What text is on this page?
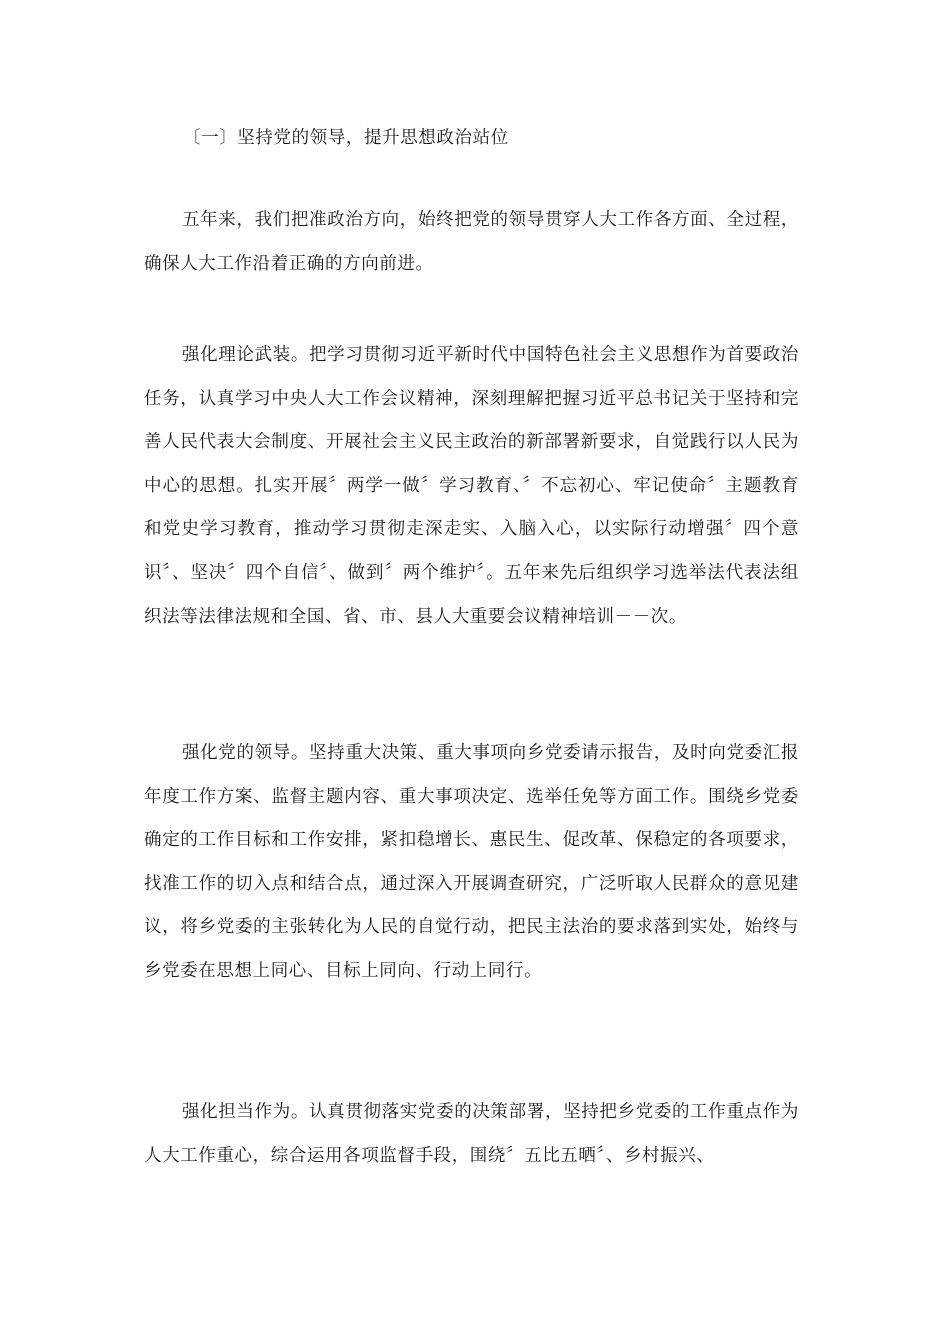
〔一〕坚持党的领导，提升思想政治站位

五年来，我们把准政治方向，始终把党的领导贯穿人大工作各方面、全过程，确保人大工作沿着正确的方向前进。

强化理论武装。把学习贯彻习近平新时代中国特色社会主义思想作为首要政治任务，认真学习中央人大工作会议精神，深刻理解把握习近平总书记关于坚持和完善人民代表大会制度、开展社会主义民主政治的新部署新要求，自觉践行以人民为中心的思想。扎实开展〞两学一做〞学习教育、〞不忘初心、牢记使命〞主题教育和党史学习教育，推动学习贯彻走深走实、入脑入心，以实际行动增强〞四个意识〞、坚决〞四个自信〞、做到〞两个维护〞。五年来先后组织学习选举法代表法组织法等法律法规和全国、省、市、县人大重要会议精神培训－－次。

强化党的领导。坚持重大决策、重大事项向乡党委请示报告，及时向党委汇报年度工作方案、监督主题内容、重大事项决定、选举任免等方面工作。围绕乡党委确定的工作目标和工作安排，紧扣稳增长、惠民生、促改革、保稳定的各项要求，找准工作的切入点和结合点，通过深入开展调查研究，广泛听取人民群众的意见建议，将乡党委的主张转化为人民的自觉行动，把民主法治的要求落到实处，始终与乡党委在思想上同心、目标上同向、行动上同行。

强化担当作为。认真贯彻落实党委的决策部署，坚持把乡党委的工作重点作为人大工作重心，综合运用各项监督手段，围绕〞五比五晒〞、乡村振兴、
